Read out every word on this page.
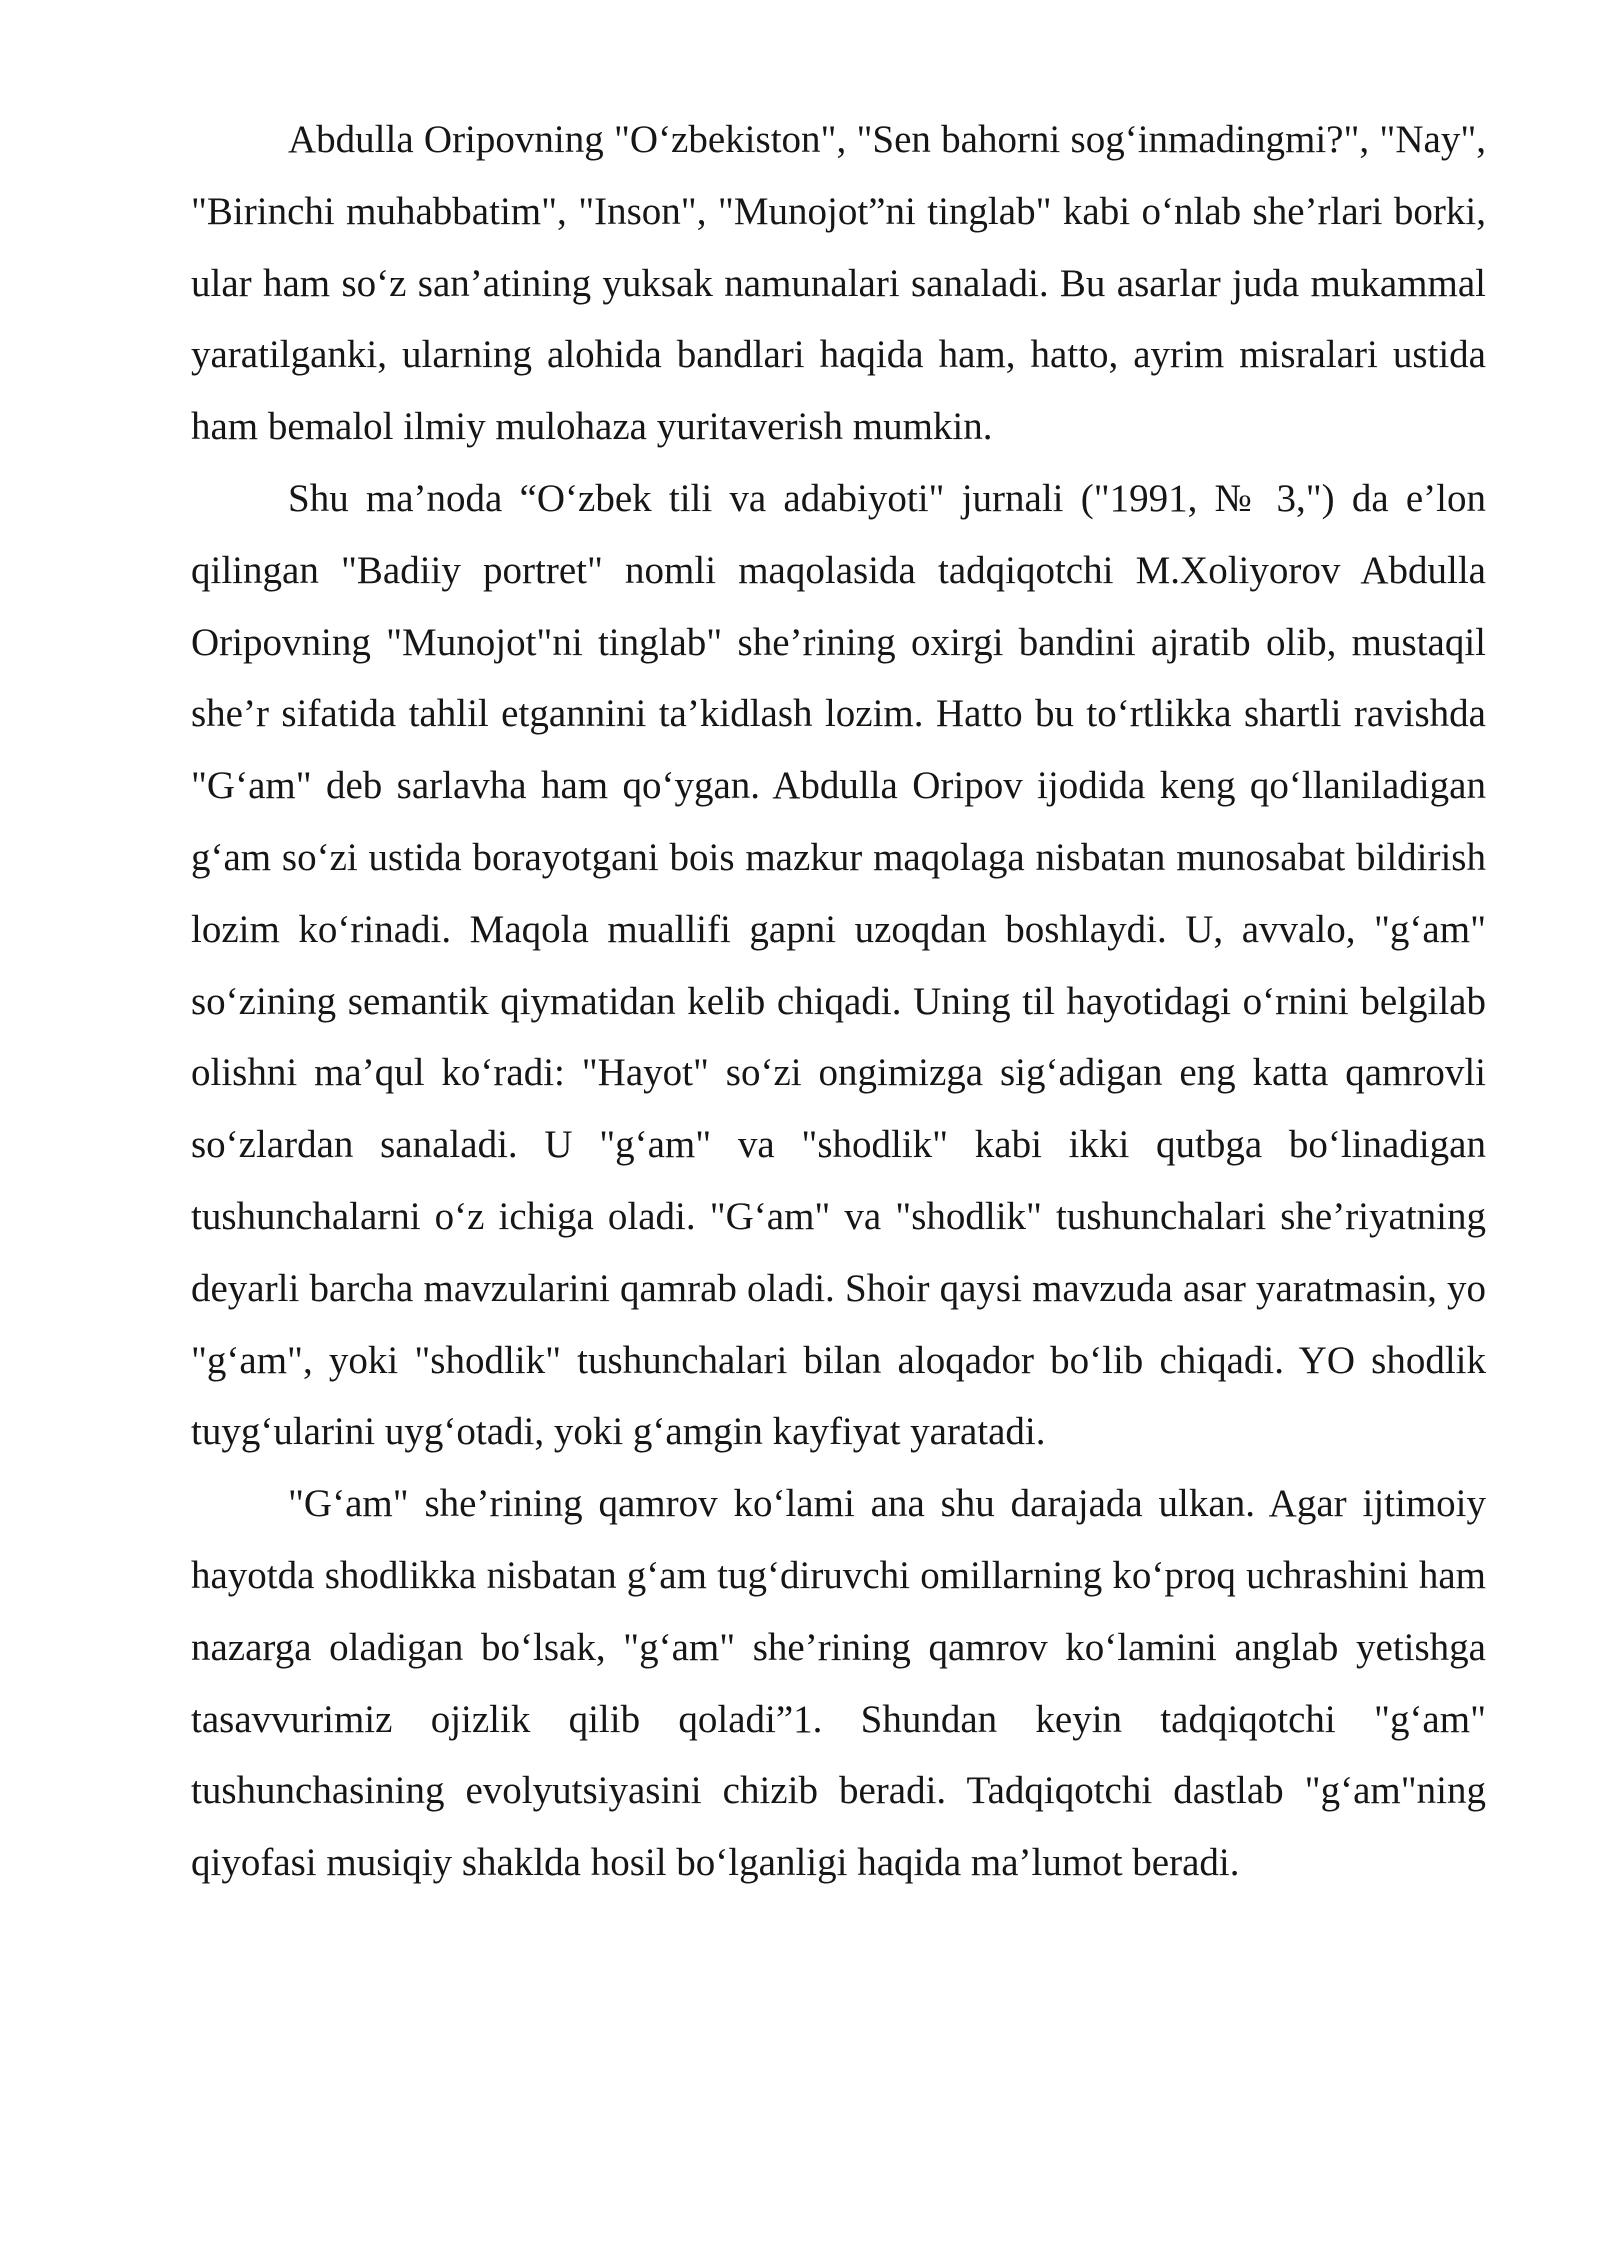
Abdulla Oripovning "O‘zbekiston", "Sen bahorni sog‘inmadingmi?", "Nay", "Birinchi muhabbatim", "Inson", "Munojot”ni tinglab" kabi o‘nlab she’rlari borki, ular ham so‘z san’atining yuksak namunalari sanaladi. Bu asarlar juda mukammal yaratilganki, ularning alohida bandlari haqida ham, hatto, ayrim misralari ustida ham bemalol ilmiy mulohaza yuritaverish mumkin.

Shu ma’noda “O‘zbek tili va adabiyoti" jurnali ("1991, № 3,") da e’lon qilingan "Badiiy portret" nomli maqolasida tadqiqotchi M.Xoliyorov Abdulla Oripovning "Munojot"ni tinglab" she’rining oxirgi bandini ajratib olib, mustaqil she’r sifatida tahlil etgannini ta’kidlash lozim. Hatto bu to‘rtlikka shartli ravishda "G‘am" deb sarlavha ham qo‘ygan. Abdulla Oripov ijodida keng qo‘llaniladigan g‘am so‘zi ustida borayotgani bois mazkur maqolaga nisbatan munosabat bildirish lozim ko‘rinadi. Maqola muallifi gapni uzoqdan boshlaydi. U, avvalo, "g‘am" so‘zining semantik qiymatidan kelib chiqadi. Uning til hayotidagi o‘rnini belgilab olishni ma’qul ko‘radi: "Hayot" so‘zi ongimizga sig‘adigan eng katta qamrovli so‘zlardan sanaladi. U "g‘am" va "shodlik" kabi ikki qutbga bo‘linadigan tushunchalarni o‘z ichiga oladi. "G‘am" va "shodlik" tushunchalari she’riyatning deyarli barcha mavzularini qamrab oladi. Shoir qaysi mavzuda asar yaratmasin, yo "g‘am", yoki "shodlik" tushunchalari bilan aloqador bo‘lib chiqadi. YO shodlik tuyg‘ularini uyg‘otadi, yoki g‘amgin kayfiyat yaratadi.

"G‘am" she’rining qamrov ko‘lami ana shu darajada ulkan. Agar ijtimoiy hayotda shodlikka nisbatan g‘am tug‘diruvchi omillarning ko‘proq uchrashini ham nazarga oladigan bo‘lsak, "g‘am" she’rining qamrov ko‘lamini anglab yetishga tasavvurimiz ojizlik qilib qoladi”1. Shundan keyin tadqiqotchi "g‘am" tushunchasining evolyutsiyasini chizib beradi. Tadqiqotchi dastlab "g‘am"ning qiyofasi musiqiy shaklda hosil bo‘lganligi haqida ma’lumot beradi.
